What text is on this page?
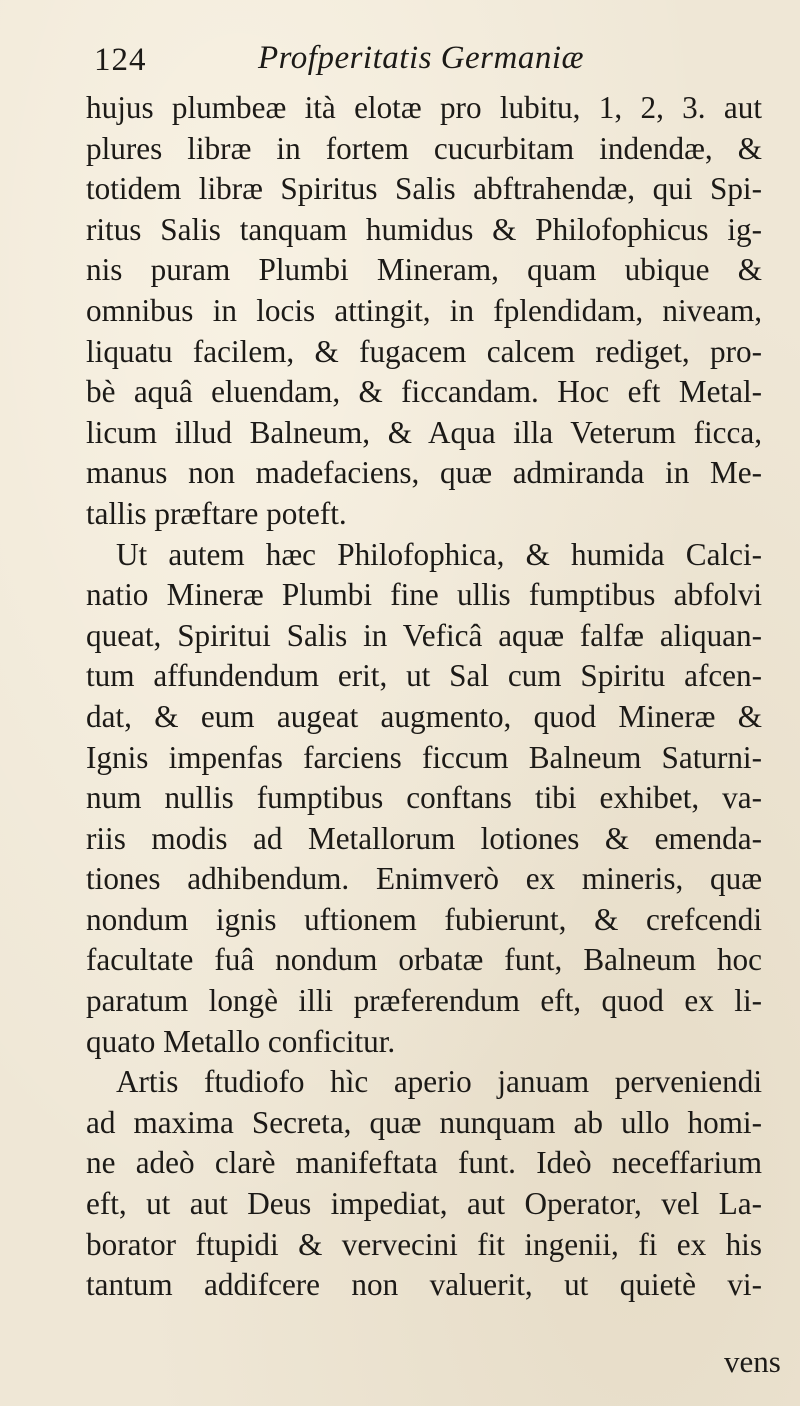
124	Profperitatis Germaniæ
hujus plumbeæ ità elotæ pro lubitu, 1, 2, 3. aut
plures libræ in fortem cucurbitam indendæ, &
totidem libræ Spiritus Salis abftrahendæ, qui Spi-
ritus Salis tanquam humidus & Philofophicus ig-
nis puram Plumbi Mineram, quam ubique &
omnibus in locis attingit, in fplendidam, niveam,
liquatu facilem, & fugacem calcem rediget, pro-
bè aquâ eluendam, & ficcandam. Hoc eft Metal-
licum illud Balneum, & Aqua illa Veterum ficca,
manus non madefaciens, quæ admiranda in Me-
tallis præftare poteft.
Ut autem hæc Philofophica, & humida Calci-
natio Mineræ Plumbi fine ullis fumptibus abfolvi
queat, Spiritui Salis in Veficâ aquæ falfæ aliquan-
tum affundendum erit, ut Sal cum Spiritu afcen-
dat, & eum augeat augmento, quod Mineræ &
Ignis impenfas farciens ficcum Balneum Saturni-
num nullis fumptibus conftans tibi exhibet, va-
riis modis ad Metallorum lotiones & emenda-
tiones adhibendum. Enimverò ex mineris, quæ
nondum ignis uftionem fubierunt, & crefcendi
facultate fuâ nondum orbatæ funt, Balneum hoc
paratum longè illi præferendum eft, quod ex li-
quato Metallo conficitur.
Artis ftudiofo hìc aperio januam perveniendi
ad maxima Secreta, quæ nunquam ab ullo homi-
ne adeò clarè manifeftata funt. Ideò neceffarium
eft, ut aut Deus impediat, aut Operator, vel La-
borator ftupidi & vervecini fit ingenii, fi ex his
tantum addifcere non valuerit, ut quietè vi-
vens
